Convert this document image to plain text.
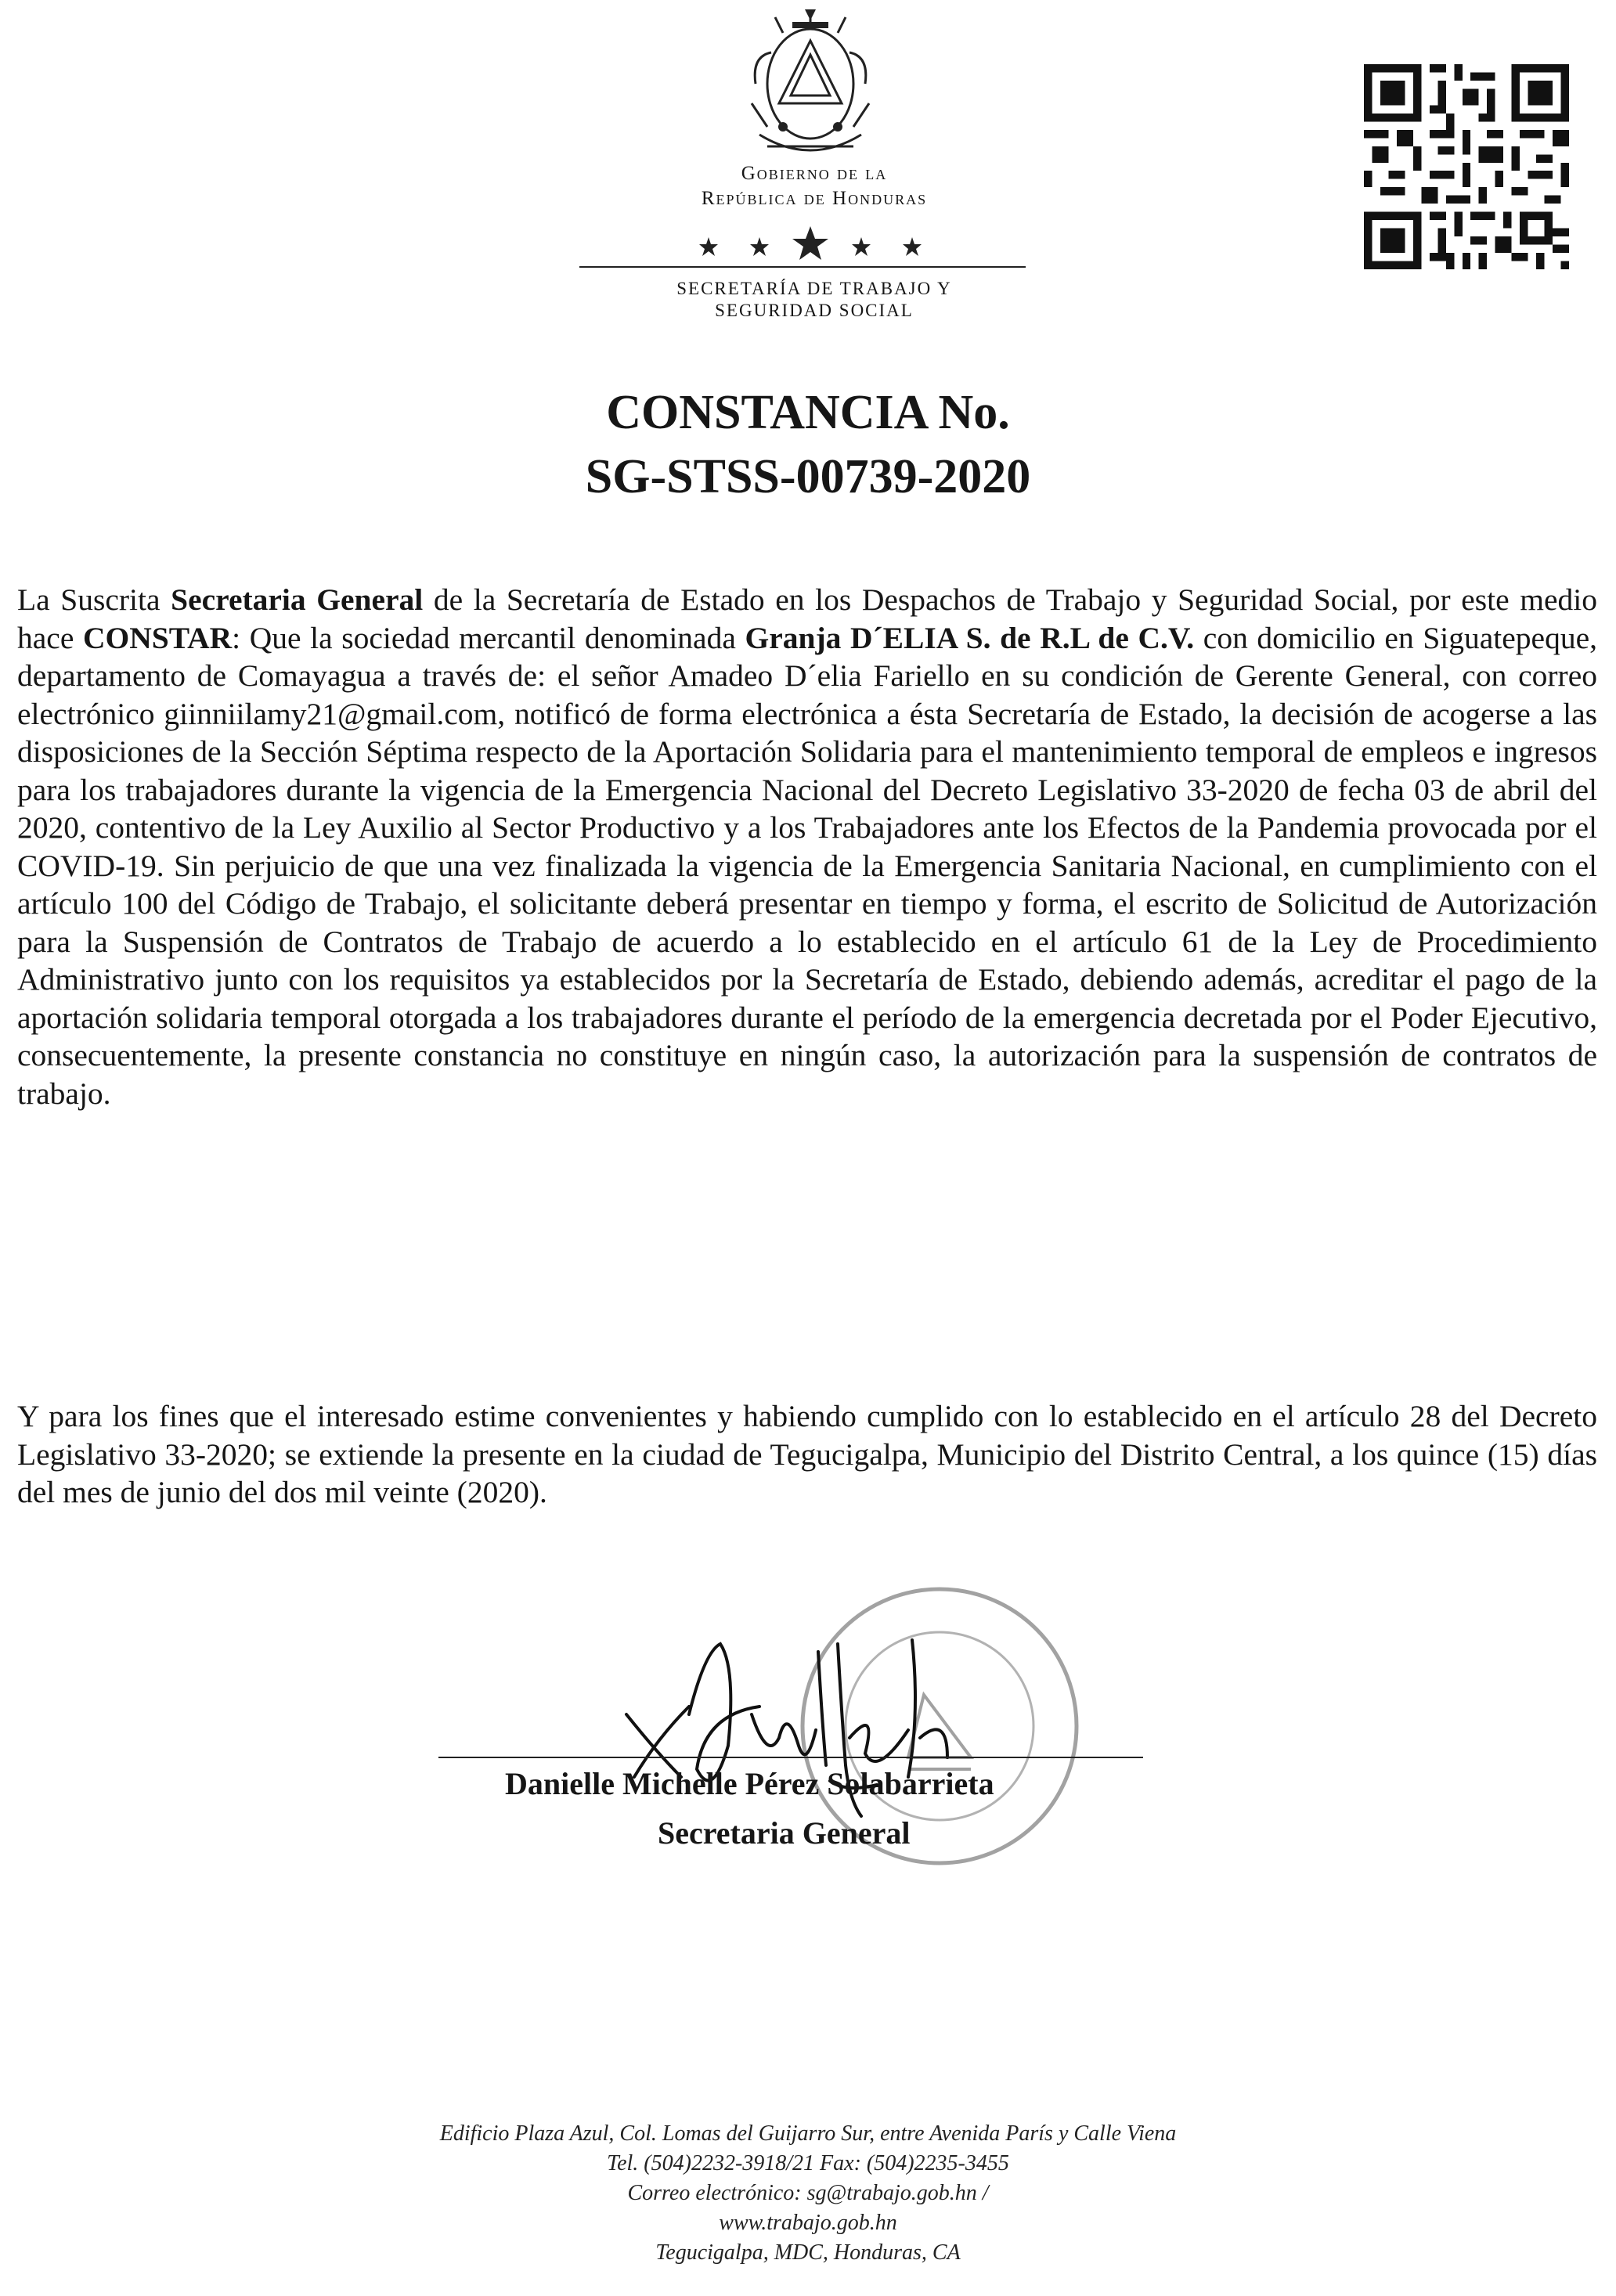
Gobierno de la
República de Honduras
SECRETARÍA DE TRABAJO Y
SEGURIDAD SOCIAL
CONSTANCIA No.
SG-STSS-00739-2020
La Suscrita Secretaria General de la Secretaría de Estado en los Despachos de Trabajo y Seguridad Social, por este medio hace CONSTAR: Que la sociedad mercantil denominada Granja D´ELIA S. de R.L de C.V. con domicilio en Siguatepeque, departamento de Comayagua a través de: el señor Amadeo D´elia Fariello en su condición de Gerente General, con correo electrónico giinniilamy21@gmail.com, notificó de forma electrónica a ésta Secretaría de Estado, la decisión de acogerse a las disposiciones de la Sección Séptima respecto de la Aportación Solidaria para el mantenimiento temporal de empleos e ingresos para los trabajadores durante la vigencia de la Emergencia Nacional del Decreto Legislativo 33-2020 de fecha 03 de abril del 2020, contentivo de la Ley Auxilio al Sector Productivo y a los Trabajadores ante los Efectos de la Pandemia provocada por el COVID-19. Sin perjuicio de que una vez finalizada la vigencia de la Emergencia Sanitaria Nacional, en cumplimiento con el artículo 100 del Código de Trabajo, el solicitante deberá presentar en tiempo y forma, el escrito de Solicitud de Autorización para la Suspensión de Contratos de Trabajo de acuerdo a lo establecido en el artículo 61 de la Ley de Procedimiento Administrativo junto con los requisitos ya establecidos por la Secretaría de Estado, debiendo además, acreditar el pago de la aportación solidaria temporal otorgada a los trabajadores durante el período de la emergencia decretada por el Poder Ejecutivo, consecuentemente, la presente constancia no constituye en ningún caso, la autorización para la suspensión de contratos de trabajo.
Y para los fines que el interesado estime convenientes y habiendo cumplido con lo establecido en el artículo 28 del Decreto Legislativo 33-2020; se extiende la presente en la ciudad de Tegucigalpa, Municipio del Distrito Central, a los quince (15) días del mes de junio del dos mil veinte (2020).
Danielle Michelle Pérez Solabarrieta
Secretaria General
Edificio Plaza Azul, Col. Lomas del Guijarro Sur, entre Avenida París y Calle Viena
Tel. (504)2232-3918/21 Fax: (504)2235-3455
Correo electrónico: sg@trabajo.gob.hn /
www.trabajo.gob.hn
Tegucigalpa, MDC, Honduras, CA
